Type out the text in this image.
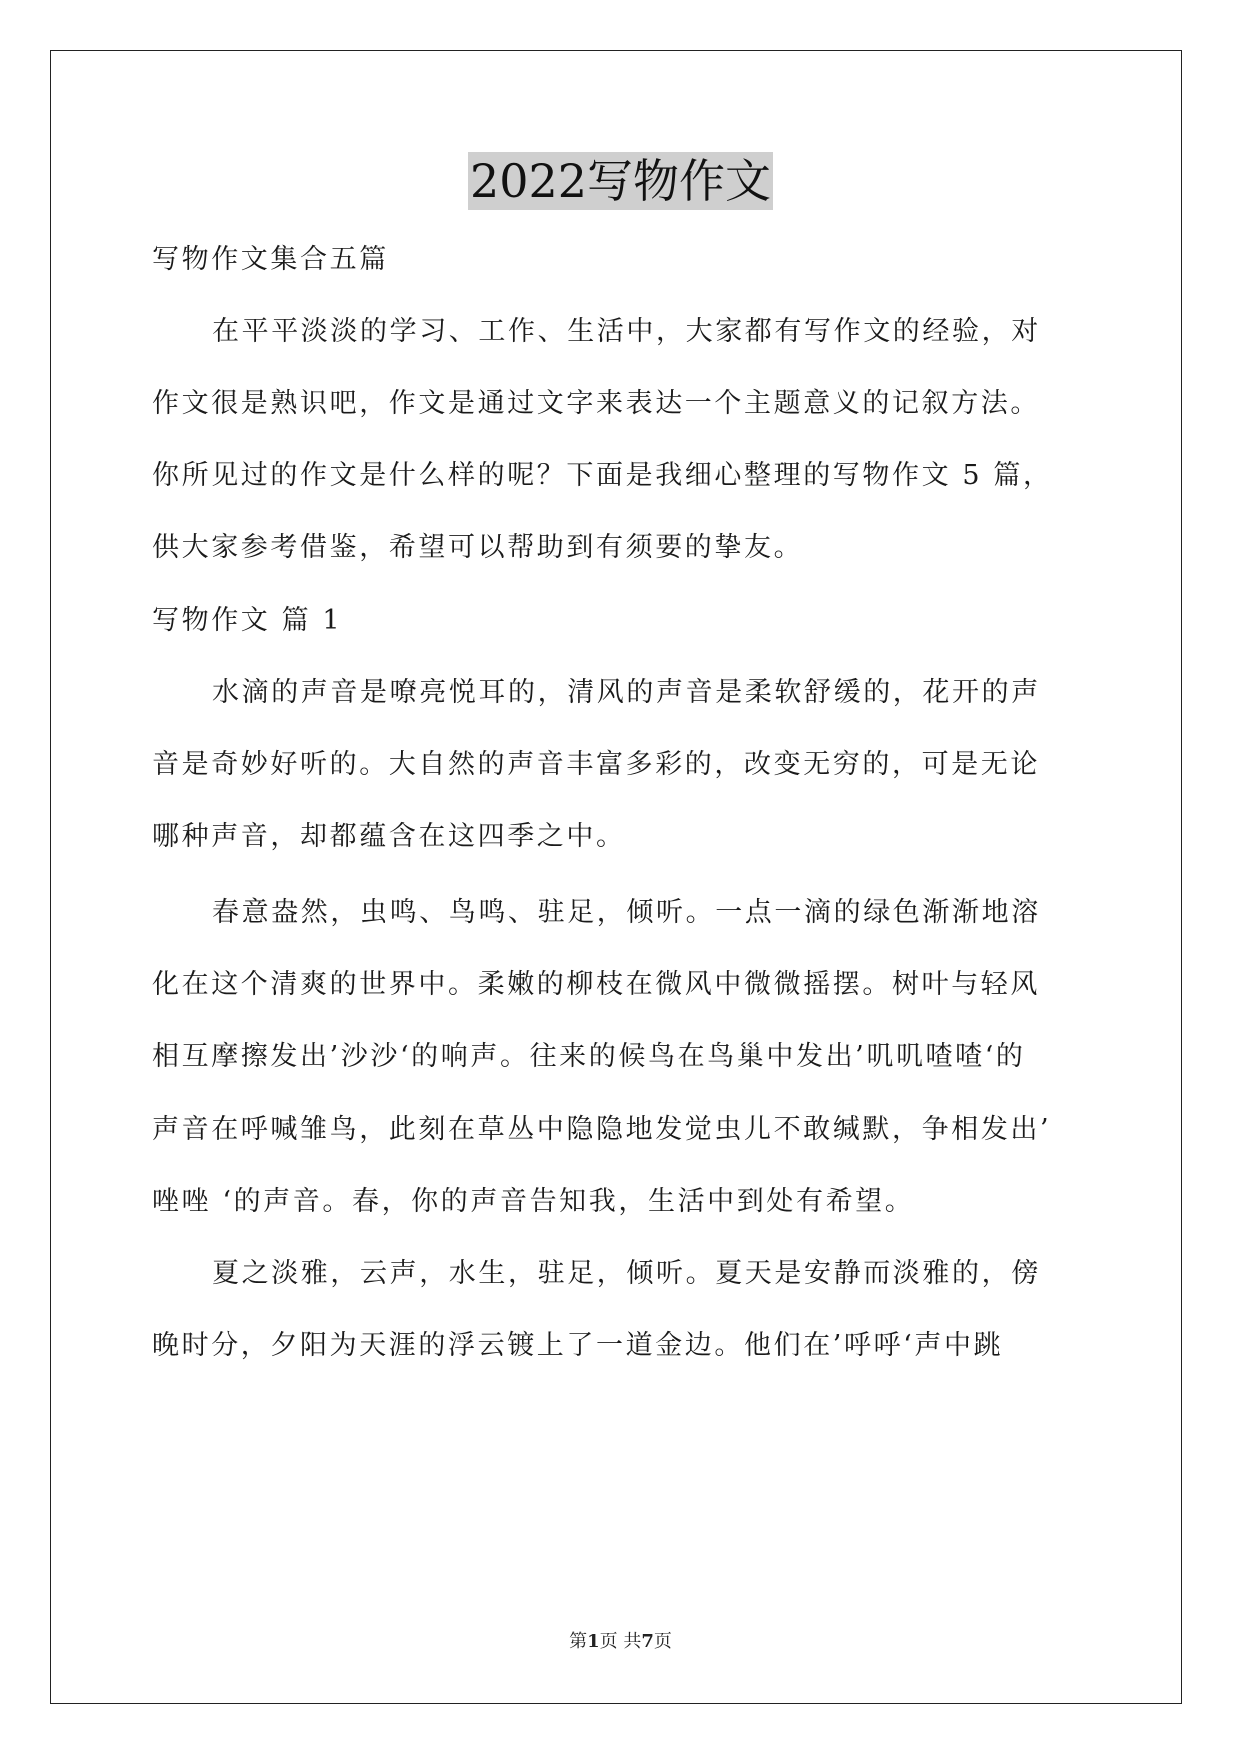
2022写物作文
写物作文集合五篇
在平平淡淡的学习、工作、生活中，大家都有写作文的经验，对
作文很是熟识吧，作文是通过文字来表达一个主题意义的记叙方法。
你所见过的作文是什么样的呢？下面是我细心整理的写物作文 5 篇，
供大家参考借鉴，希望可以帮助到有须要的挚友。
写物作文 篇 1
水滴的声音是嘹亮悦耳的，清风的声音是柔软舒缓的，花开的声
音是奇妙好听的。大自然的声音丰富多彩的，改变无穷的，可是无论
哪种声音，却都蕴含在这四季之中。
春意盎然，虫鸣、鸟鸣、驻足，倾听。一点一滴的绿色渐渐地溶
化在这个清爽的世界中。柔嫩的柳枝在微风中微微摇摆。树叶与轻风
相互摩擦发出’沙沙‘的响声。往来的候鸟在鸟巢中发出’叽叽喳喳‘的
声音在呼喊雏鸟，此刻在草丛中隐隐地发觉虫儿不敢缄默，争相发出’
唑唑 ‘的声音。春，你的声音告知我，生活中到处有希望。
夏之淡雅，云声，水生，驻足，倾听。夏天是安静而淡雅的，傍
晚时分，夕阳为天涯的浮云镀上了一道金边。他们在’呼呼‘声中跳
第1页 共7页
